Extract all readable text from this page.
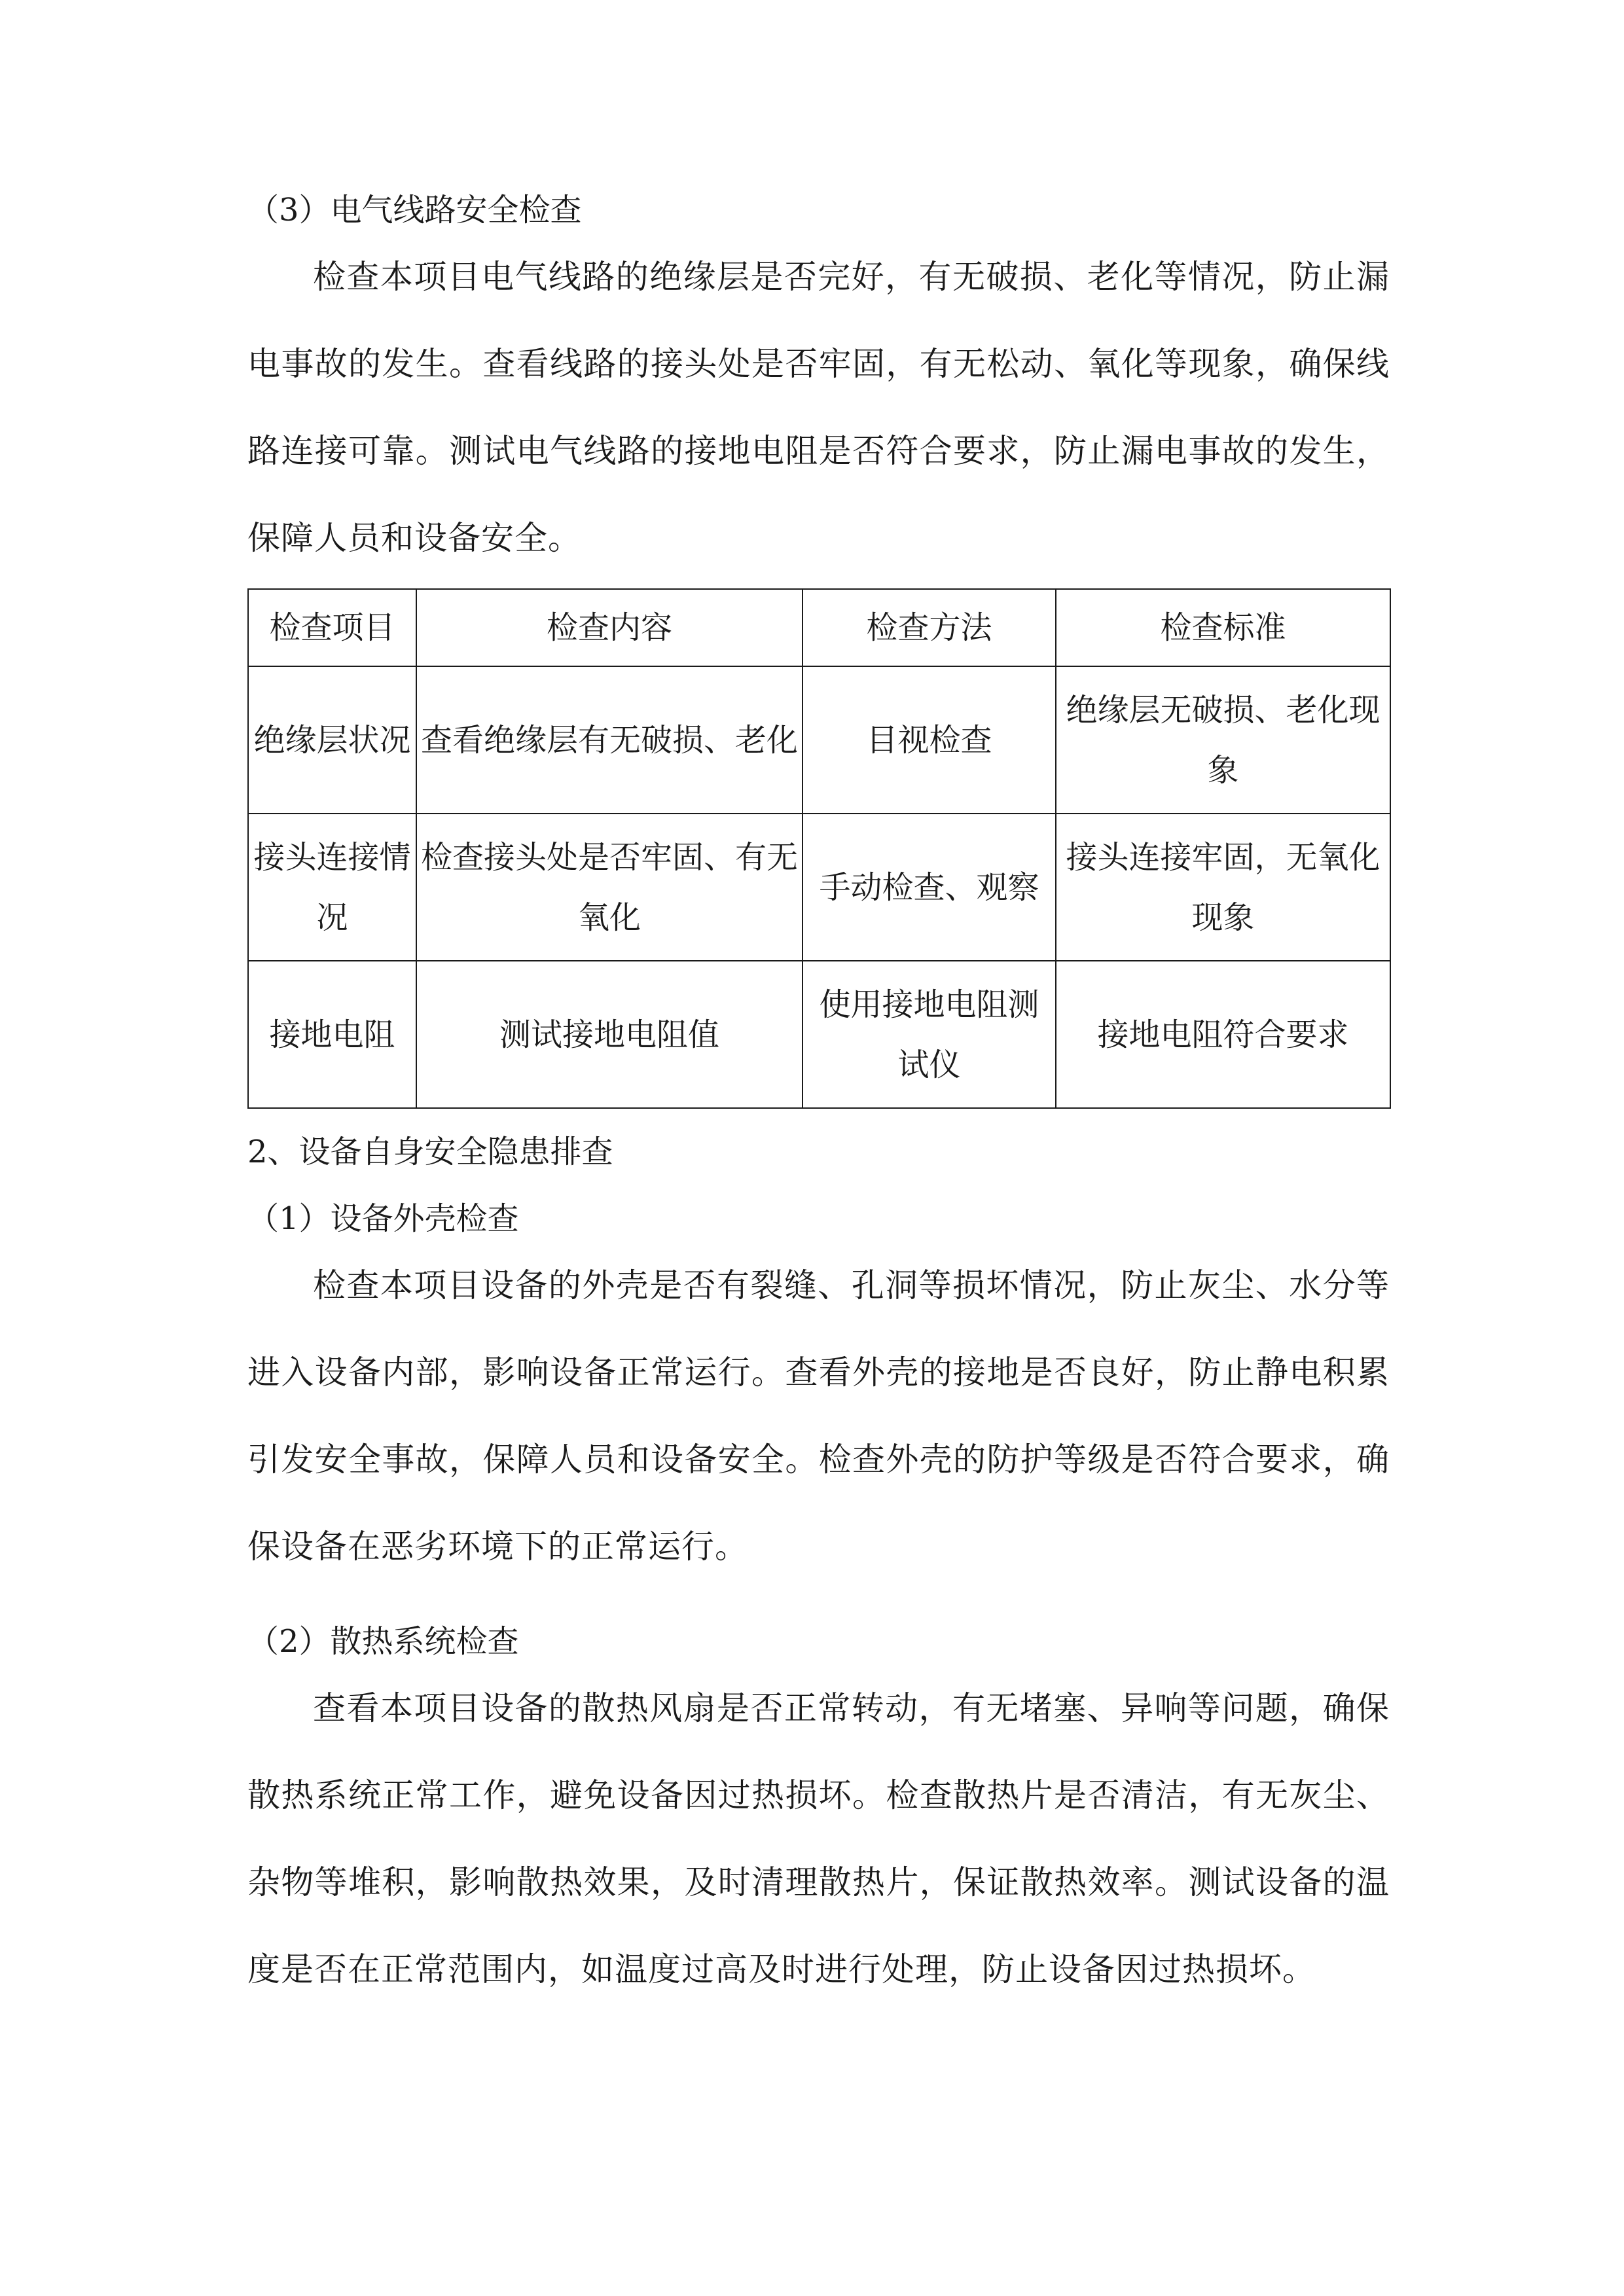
（3）电气线路安全检查

检查本项目电气线路的绝缘层是否完好，有无破损、老化等情况，防止漏电事故的发生。查看线路的接头处是否牢固，有无松动、氧化等现象，确保线路连接可靠。测试电气线路的接地电阻是否符合要求，防止漏电事故的发生，保障人员和设备安全。

检查项目	检查内容	检查方法	检查标准
绝缘层状况	查看绝缘层有无破损、老化	目视检查	绝缘层无破损、老化现象
接头连接情况	检查接头处是否牢固、有无氧化	手动检查、观察	接头连接牢固，无氧化现象
接地电阻	测试接地电阻值	使用接地电阻测试仪	接地电阻符合要求

2、设备自身安全隐患排查

（1）设备外壳检查

检查本项目设备的外壳是否有裂缝、孔洞等损坏情况，防止灰尘、水分等进入设备内部，影响设备正常运行。查看外壳的接地是否良好，防止静电积累引发安全事故，保障人员和设备安全。检查外壳的防护等级是否符合要求，确保设备在恶劣环境下的正常运行。

（2）散热系统检查

查看本项目设备的散热风扇是否正常转动，有无堵塞、异响等问题，确保散热系统正常工作，避免设备因过热损坏。检查散热片是否清洁，有无灰尘、杂物等堆积，影响散热效果，及时清理散热片，保证散热效率。测试设备的温度是否在正常范围内，如温度过高及时进行处理，防止设备因过热损坏。
